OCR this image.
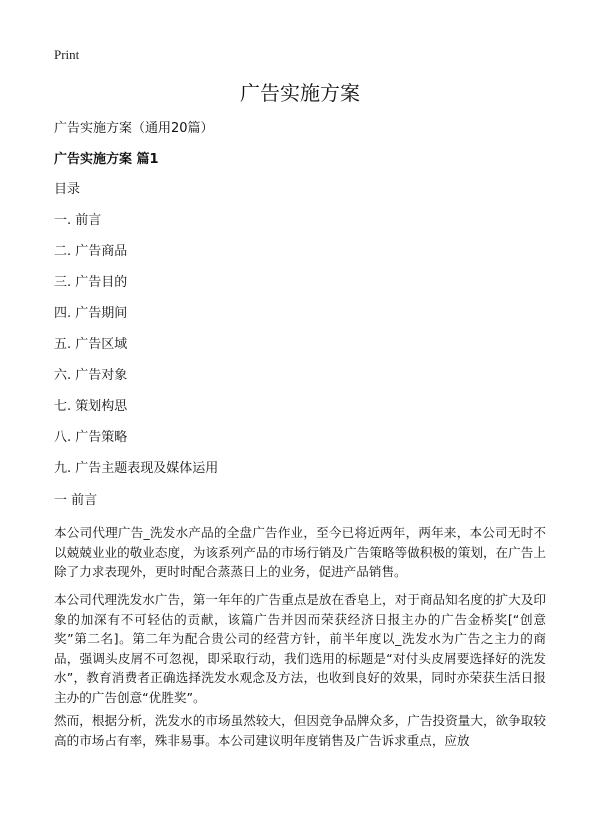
Print
广告实施方案
广告实施方案（通用20篇）
广告实施方案 篇1
目录
一. 前言
二. 广告商品
三. 广告目的
四. 广告期间
五. 广告区域
六. 广告对象
七. 策划构思
八. 广告策略
九. 广告主题表现及媒体运用
一 前言

本公司代理广告_洗发水产品的全盘广告作业，至今已将近两年，两年来，本公司无时不以兢兢业业的敬业态度，为该系列产品的市场行销及广告策略等做积极的策划，在广告上除了力求表现外，更时时配合蒸蒸日上的业务，促进产品销售。

本公司代理洗发水广告，第一年年的广告重点是放在香皂上，对于商品知名度的扩大及印象的加深有不可轻估的贡献，该篇广告并因而荣获经济日报主办的广告金桥奖[“创意奖”第二名]。第二年为配合贵公司的经营方针，前半年度以_洗发水为广告之主力的商品，强调头皮屑不可忽视，即采取行动，我们选用的标题是“对付头皮屑要选择好的洗发水”，教育消费者正确选择洗发水观念及方法，也收到良好的效果，同时亦荣获生活日报主办的广告创意“优胜奖”。

然而，根据分析，洗发水的市场虽然较大，但因竞争品牌众多，广告投资量大，欲争取较高的市场占有率，殊非易事。本公司建议明年度销售及广告诉求重点，应放
